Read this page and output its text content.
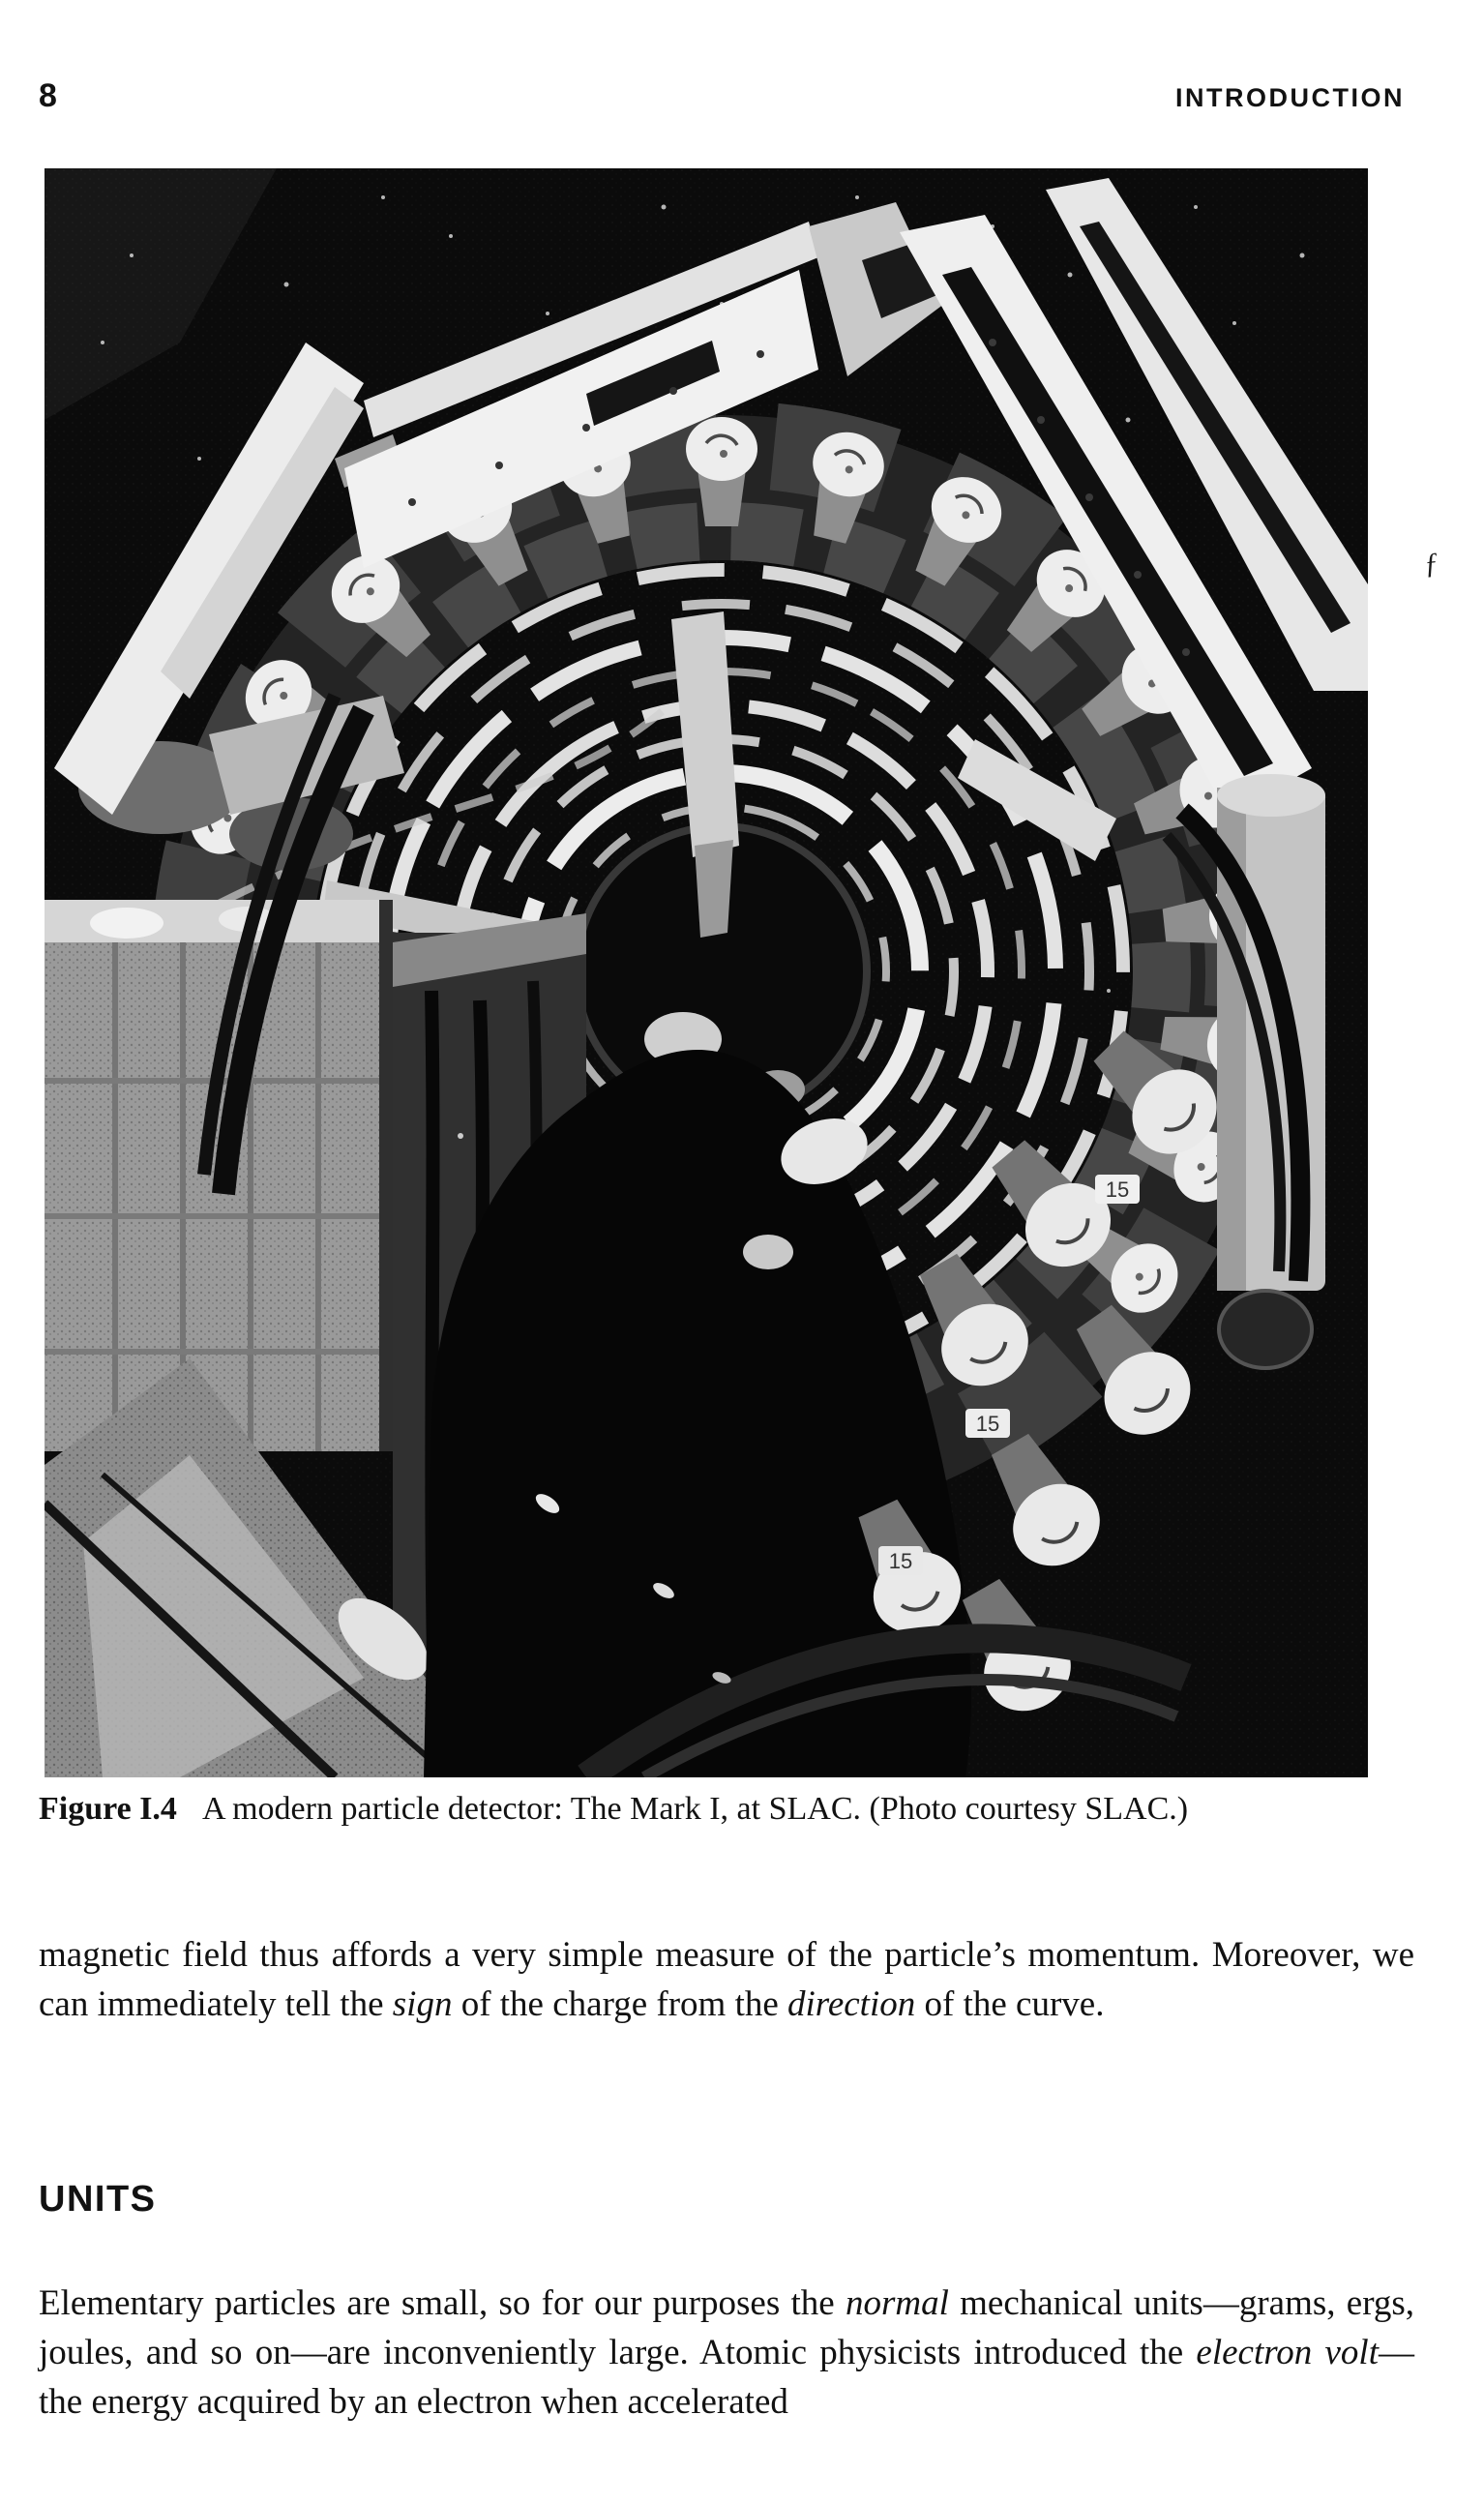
8	INTRODUCTION
15
15
15
ƒ
Figure I.4 A modern particle detector: The Mark I, at SLAC. (Photo courtesy SLAC.)

magnetic field thus affords a very simple measure of the particle’s momentum. Moreover, we can immediately tell the sign of the charge from the direction of the curve.

UNITS

Elementary particles are small, so for our purposes the normal mechanical units—grams, ergs, joules, and so on—are inconveniently large. Atomic physicists introduced the electron volt—the energy acquired by an electron when accelerated
